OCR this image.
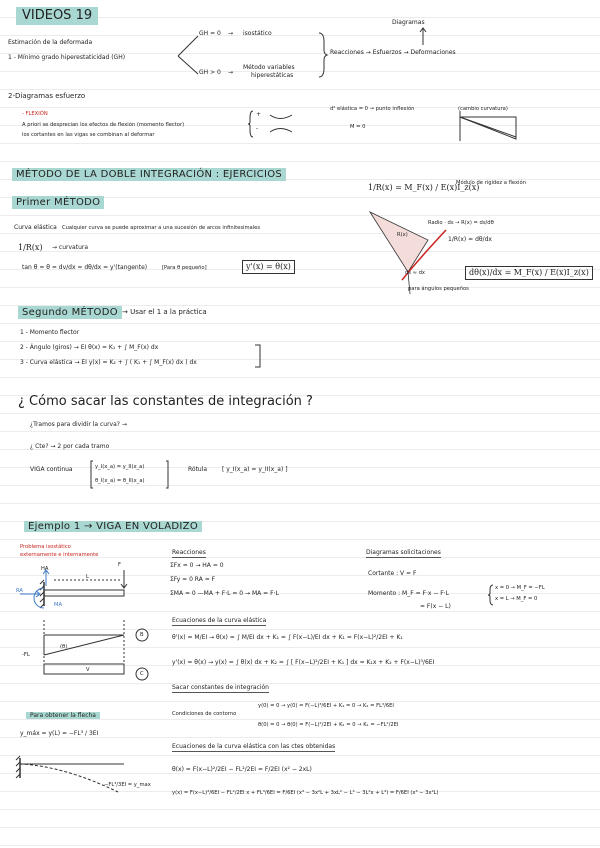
VIDEOS 19
Estimación de la deformada
1 - Mínimo grado hiperestaticidad (GH)
GH = 0 → isostático
GH > 0 →
Método variables
hiperestáticas
Diagramas
Reacciones → Esfuerzos → Deformaciones
2-Diagramas esfuerzo
- FLEXIÓN
A priori se desprecian los efectos de flexión (momento flector)
los cortantes en las vigas se combinan al deformar
+
-
d² elástica = 0 → punto inflexión	(cambio curvatura)
M = 0
MÉTODO DE LA DOBLE INTEGRACIÓN : EJERCICIOS
Primer MÉTODO
1/R(x) = M_F(x) / E(x)I_z(x)
Módulo de rigidez a flexión
Curva elástica Cualquier curva se puede aproximar a una sucesión de arcos infinitesimales
1/R(x) → curvatura
tan θ ≈ θ = dv/dx = dθ/dx = y'(tangente)	[Para θ pequeño]	y'(x) = θ(x)
Radio · ds → R(x) = ds/dθ
1/R(x) = dθ/dx
R(x)
ds ≈ dx
para ángulos pequeños
dθ(x)/dx = M_F(x) / E(x)I_z(x)
Segundo MÉTODO → Usar el 1 a la práctica
1 - Momento flector
2 - Ángulo (giros) → EI θ(x) = K₁ + ∫ M_F(x) dx
3 - Curva elástica → EI y(x) = K₂ + ∫ ( K₁ + ∫ M_F(x) dx ) dx
¿ Cómo sacar las constantes de integración ?
¿Tramos para dividir la curva? →
¿ Cte? → 2 por cada tramo
VIGA continua	y_I(x_a) = y_II(x_a)
θ_I(x_a) = θ_II(x_a)
Rótula [ y_I(x_a) = y_II(x_a) ]
Ejemplo 1 → VIGA EN VOLADIZO
Problema isostático
externamente e internamente
HA
RA
MA
L
F
-FL
(θ)
V
B
C
Reacciones
ΣFx = 0 → HA = 0
ΣFy = 0 RA = F
ΣMA = 0 —MA + F·L = 0 → MA = F·L
Diagramas solicitaciones
Cortante : V = F
Momento : M_F = F·x − F·L
= F(x − L)
x = 0 → M_F = −FL
x = L → M_F = 0
Ecuaciones de la curva elástica
θ'(x) = M/EI → θ(x) = ∫ M/EI dx + K₁ = ∫ F(x−L)/EI dx + K₁ = F(x−L)²/2EI + K₁
y'(x) = θ(x) → y(x) = ∫ θ(x) dx + K₂ = ∫ [ F(x−L)²/2EI + K₁ ] dx = K₁x + K₂ + F(x−L)³/6EI
Sacar constantes de integración
Condiciones de contorno
y(0) = 0 → y(0) = F(−L)³/6EI + K₂ = 0 → K₂ = FL³/6EI
θ(0) = 0 → θ(0) = F(−L)²/2EI + K₁ = 0 → K₁ = −FL²/2EI
Para obtener la flecha
y_máx = y(L) = −FL³ / 3EI
−FL³/3EI = y_max
Ecuaciones de la curva elástica con las ctes obtenidas
θ(x) = F(x−L)²/2EI − FL²/2EI = F/2EI (x² − 2xL)
y(x) = F(x−L)³/6EI − FL²/2EI x + FL³/6EI = F/6EI (x³ − 3x²L + 3xL² − L³ − 3L²x + L³) = F/6EI (x³ − 3x²L)
